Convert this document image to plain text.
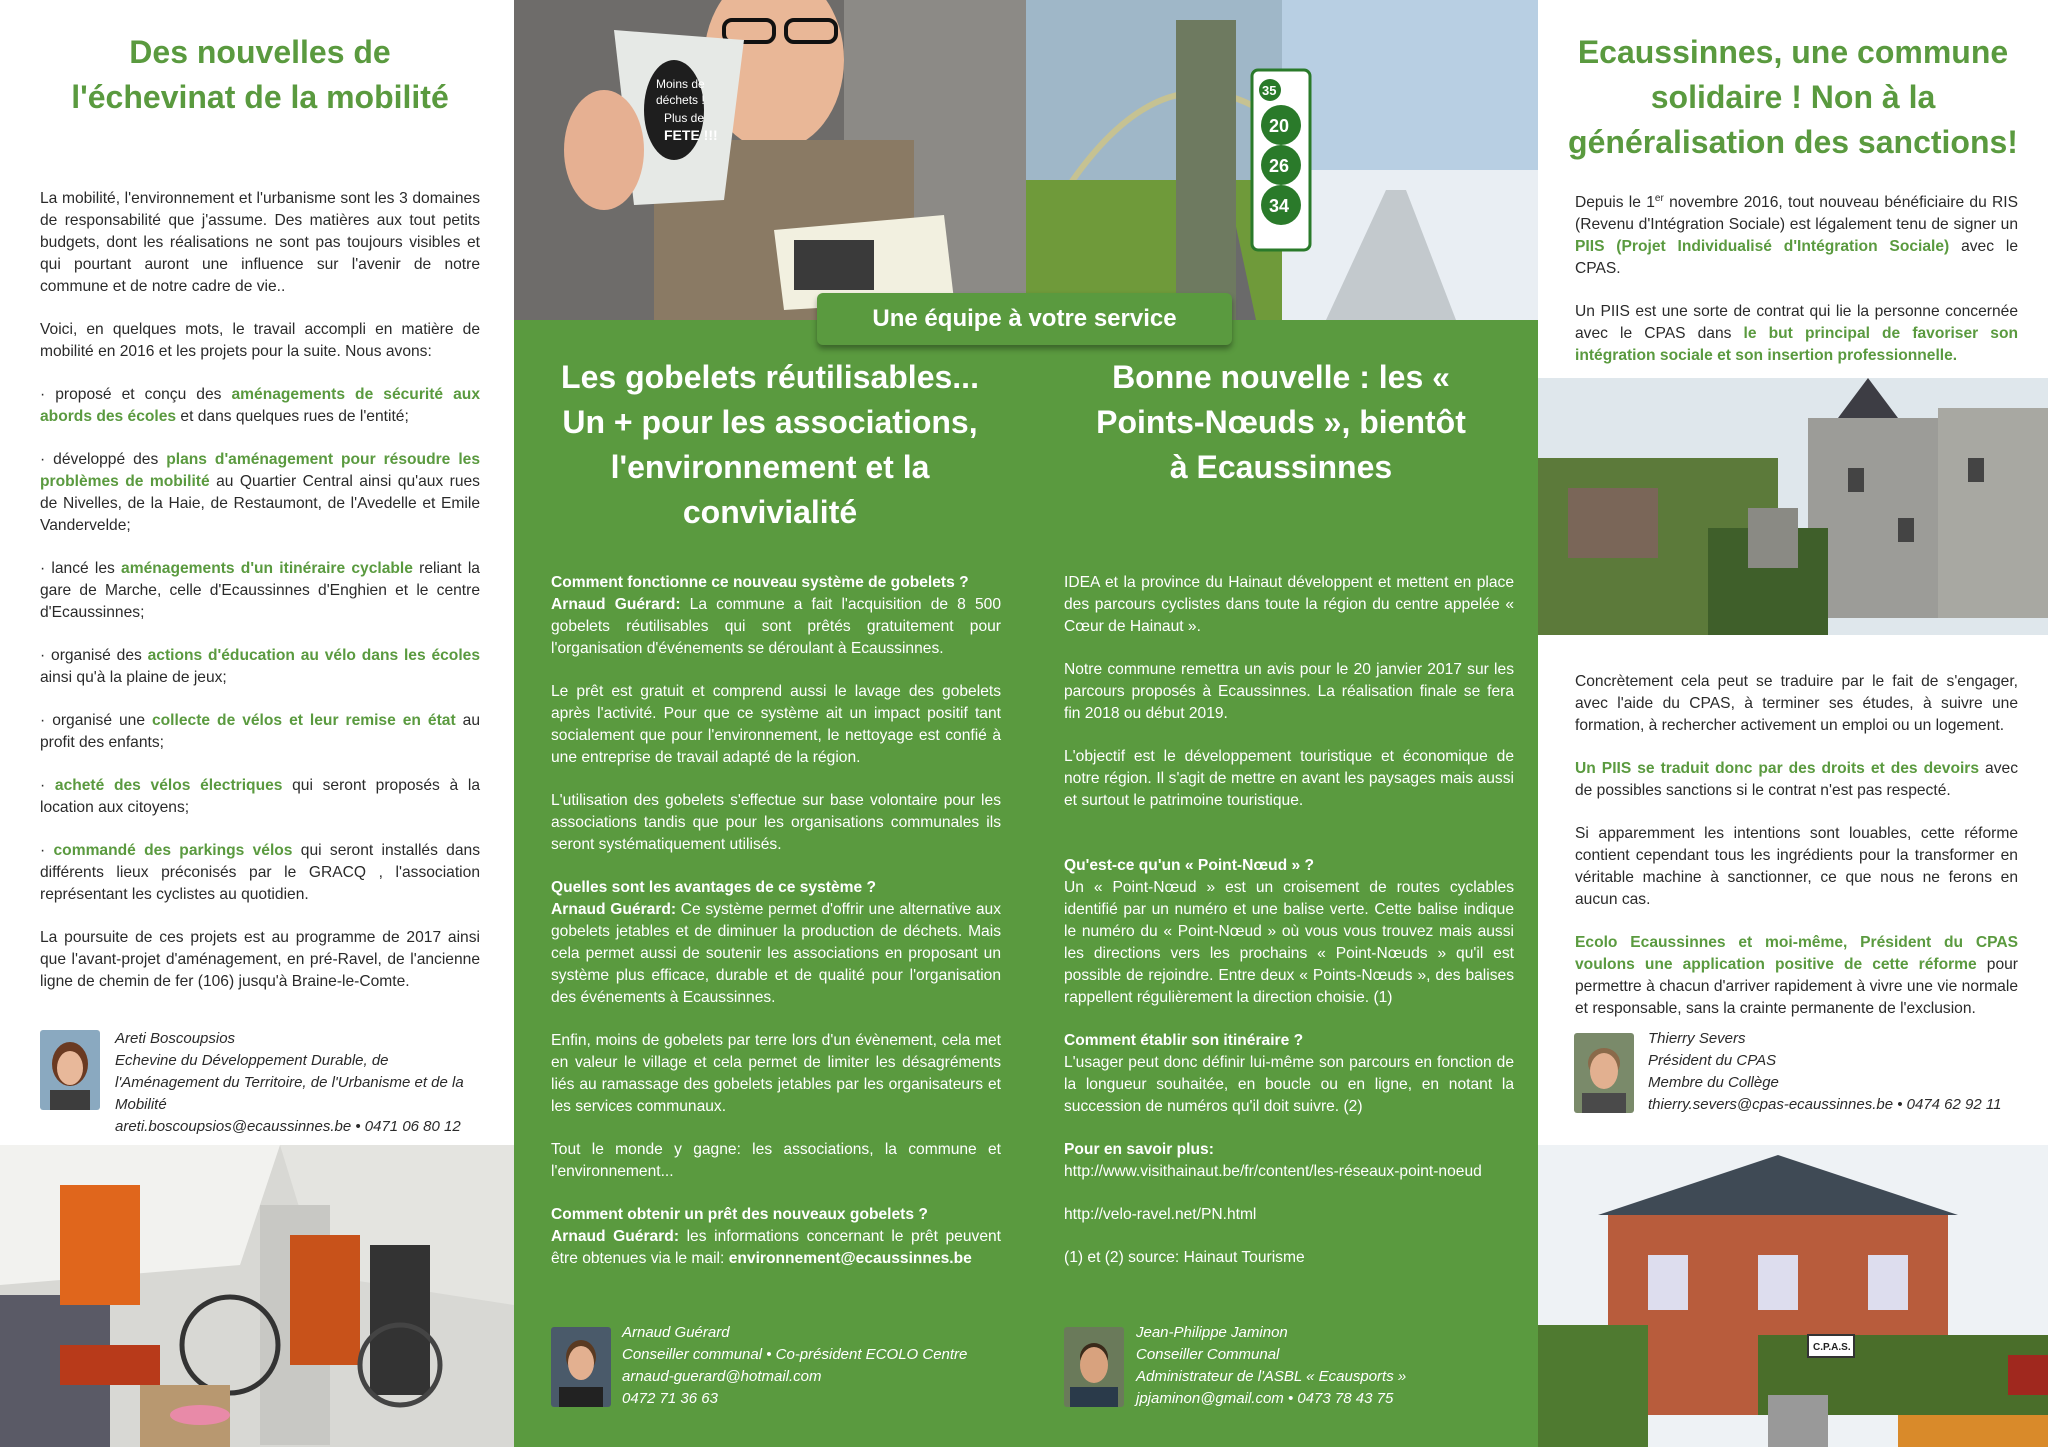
Des nouvelles de l'échevinat de la mobilité

La mobilité, l'environnement et l'urbanisme sont les 3 domaines de responsabilité que j'assume. Des matières aux tout petits budgets, dont les réalisations ne sont pas toujours visibles et qui pourtant auront une influence sur l'avenir de notre commune et de notre cadre de vie..

Voici, en quelques mots, le travail accompli en matière de mobilité en 2016 et les projets pour la suite. Nous avons:

· proposé et conçu des aménagements de sécurité aux abords des écoles et dans quelques rues de l'entité;
· développé des plans d'aménagement pour résoudre les problèmes de mobilité au Quartier Central ainsi qu'aux rues de Nivelles, de la Haie, de Restaumont, de l'Avedelle et Emile Vandervelde;
· lancé les aménagements d'un itinéraire cyclable reliant la gare de Marche, celle d'Ecaussinnes d'Enghien et le centre d'Ecaussinnes;
· organisé des actions d'éducation au vélo dans les écoles ainsi qu'à la plaine de jeux;
· organisé une collecte de vélos et leur remise en état au profit des enfants;
· acheté des vélos électriques qui seront proposés à la location aux citoyens;
· commandé des parkings vélos qui seront installés dans différents lieux préconisés par le GRACQ , l'association représentant les cyclistes au quotidien.

La poursuite de ces projets est au programme de 2017 ainsi que l'avant-projet d'aménagement, en pré-Ravel, de l'ancienne ligne de chemin de fer (106) jusqu'à Braine-le-Comte.

Areti Boscoupsios
Echevine du Développement Durable, de l'Aménagement du Territoire, de l'Urbanisme et de la Mobilité
areti.boscoupsios@ecaussinnes.be • 0471 06 80 12
Moins de
déchets !
Plus de
FETE !!!
Les gobelets réutilisables... Un + pour les associations, l'environnement et la convivialité
Comment fonctionne ce nouveau système de gobelets ?

Arnaud Guérard: La commune a fait l'acquisition de 8 500 gobelets réutilisables qui sont prêtés gratuitement pour l'organisation d'événements se déroulant à Ecaussinnes.

Le prêt est gratuit et comprend aussi le lavage des gobelets après l'activité. Pour que ce système ait un impact positif tant socialement que pour l'environnement, le nettoyage est confié à une entreprise de travail adapté de la région.

L'utilisation des gobelets s'effectue sur base volontaire pour les associations tandis que pour les organisations communales ils seront systématiquement utilisés.

Quelles sont les avantages de ce système ?

Arnaud Guérard: Ce système permet d'offrir une alternative aux gobelets jetables et de diminuer la production de déchets. Mais cela permet aussi de soutenir les associations en proposant un système plus efficace, durable et de qualité pour l'organisation des événements à Ecaussinnes.

Enfin, moins de gobelets par terre lors d'un évènement, cela met en valeur le village et cela permet de limiter les désagréments liés au ramassage des gobelets jetables par les organisateurs et les services communaux.

Tout le monde y gagne: les associations, la commune et l'environnement...

Comment obtenir un prêt des nouveaux gobelets ?

Arnaud Guérard: les informations concernant le prêt peuvent être obtenues via le mail: environnement@ecaussinnes.be

Arnaud Guérard
Conseiller communal • Co-président ECOLO Centre
arnaud-guerard@hotmail.com
0472 71 36 63
35
20
26
34
Bonne nouvelle : les « Points-Nœuds », bientôt à Ecaussinnes

IDEA et la province du Hainaut développent et mettent en place des parcours cyclistes dans toute la région du centre appelée « Cœur de Hainaut ».

Notre commune remettra un avis pour le 20 janvier 2017 sur les parcours proposés à Ecaussinnes. La réalisation finale se fera fin 2018 ou début 2019.

L'objectif est le développement touristique et économique de notre région. Il s'agit de mettre en avant les paysages mais aussi et surtout le patrimoine touristique.

Qu'est-ce qu'un « Point-Nœud » ?

Un « Point-Nœud » est un croisement de routes cyclables identifié par un numéro et une balise verte. Cette balise indique le numéro du « Point-Nœud » où vous vous trouvez mais aussi les directions vers les prochains « Point-Nœuds » qu'il est possible de rejoindre. Entre deux « Points-Nœuds », des balises rappellent régulièrement la direction choisie. (1)

Comment établir son itinéraire ?

L'usager peut donc définir lui-même son parcours en fonction de la longueur souhaitée, en boucle ou en ligne, en notant la succession de numéros qu'il doit suivre. (2)

Pour en savoir plus:

http://www.visithainaut.be/fr/content/les-réseaux-point-noeud

http://velo-ravel.net/PN.html

(1) et (2) source: Hainaut Tourisme

Jean-Philippe Jaminon
Conseiller Communal
Administrateur de l'ASBL « Ecausports »
jpjaminon@gmail.com • 0473 78 43 75
Une équipe à votre service
Ecaussinnes, une commune solidaire ! Non à la généralisation des sanctions!

Depuis le 1er novembre 2016, tout nouveau bénéficiaire du RIS (Revenu d'Intégration Sociale) est légalement tenu de signer un PIIS (Projet Individualisé d'Intégration Sociale) avec le CPAS.

Un PIIS est une sorte de contrat qui lie la personne concernée avec le CPAS dans le but principal de favoriser son intégration sociale et son insertion professionnelle.

Concrètement cela peut se traduire par le fait de s'engager, avec l'aide du CPAS, à terminer ses études, à suivre une formation, à rechercher activement un emploi ou un logement.

Un PIIS se traduit donc par des droits et des devoirs avec de possibles sanctions si le contrat n'est pas respecté.

Si apparemment les intentions sont louables, cette réforme contient cependant tous les ingrédients pour la transformer en véritable machine à sanctionner, ce que nous ne ferons en aucun cas.

Ecolo Ecaussinnes et moi-même, Président du CPAS voulons une application positive de cette réforme pour permettre à chacun d'arriver rapidement à vivre une vie normale et responsable, sans la crainte permanente de l'exclusion.

Thierry Severs
Président du CPAS
Membre du Collège
thierry.severs@cpas-ecaussinnes.be • 0474 62 92 11
C.P.A.S.
